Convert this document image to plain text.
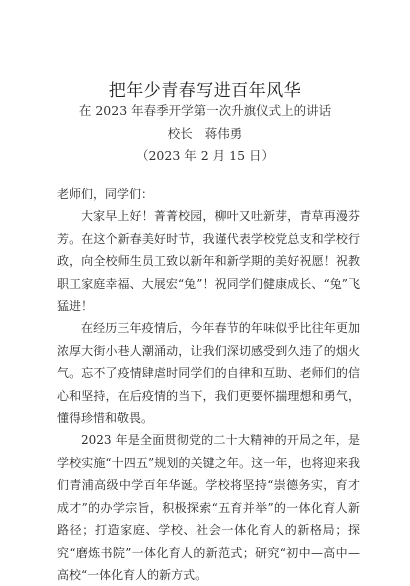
把年少青春写进百年风华
在 2023 年春季开学第一次升旗仪式上的讲话
校长 蒋伟勇
（2023 年 2 月 15 日）

老师们，同学们：

大家早上好！菁菁校园，柳叶又吐新芽，青草再漫芬芳。在这个新春美好时节，我谨代表学校党总支和学校行政，向全校师生员工致以新年和新学期的美好祝愿！祝教职工家庭幸福、大展宏“兔”！祝同学们健康成长、“兔”飞猛进！

在经历三年疫情后，今年春节的年味似乎比往年更加浓厚大街小巷人潮涌动，让我们深切感受到久违了的烟火气。忘不了疫情肆虐时同学们的自律和互助、老师们的信心和坚持，在后疫情的当下，我们更要怀揣理想和勇气，懂得珍惜和敬畏。

2023 年是全面贯彻党的二十大精神的开局之年，是学校实施“十四五”规划的关键之年。这一年，也将迎来我们青浦高级中学百年华诞。学校将坚持“崇德务实，育才成才”的办学宗旨，积极探索“五育并举”的一体化育人新路径；打造家庭、学校、社会一体化育人的新格局；探究“磨炼书院”一体化育人的新范式；研究“初中—高中—高校“一体化育人的新方式。
